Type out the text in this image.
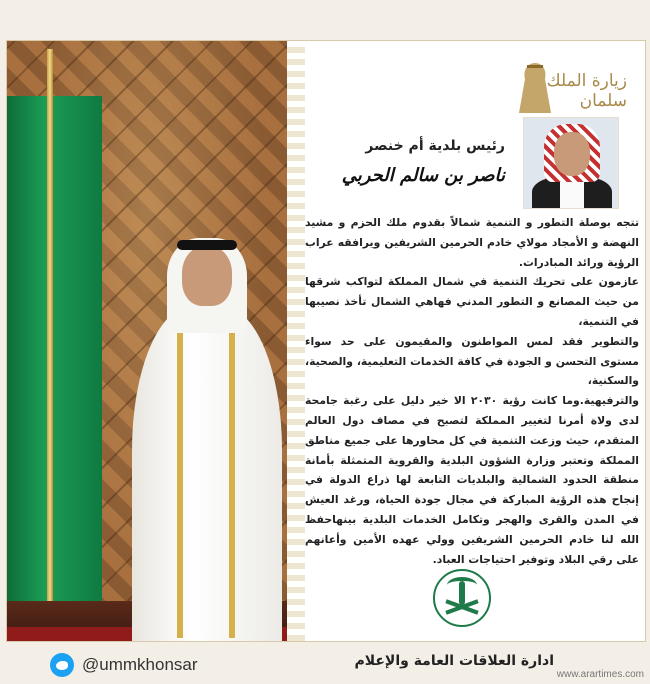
زيارة الملك سلمان
رئيس بلدية أم خنصر
ناصر بن سالم الحربي

تتجه بوصلة التطور و التنمية شمالاً بقدوم ملك الحزم و مشيد النهضة و الأمجاد مولاي خادم الحرمين الشريفين ويرافقه عراب الرؤية ورائد المبادرات.

عازمون على تحريك التنمية في شمال المملكة لتواكب شرقها من حيث المصانع و التطور المدني فهاهي الشمال تأخذ نصيبها في التنمية،

والتطوير فقد لمس المواطنون والمقيمون على حد سواء مستوى التحسن و الجودة في كافة الخدمات التعليمية، والصحية، والسكنية،

والترفيهية.وما كانت رؤية ٢٠٣٠ الا خير دليل على رغبة جامحة لدى ولاة أمرنا لتغيير المملكة لتصبح في مصاف دول العالم المتقدم، حيث وزعت التنمية في كل محاورها على جميع مناطق المملكة وتعتبر وزارة الشؤون البلدية والقروية المتمثلة بأمانة منطقة الحدود الشمالية والبلديات التابعة لها ذراع الدولة في إنجاح هذه الرؤية المباركة في مجال جودة الحياة، ورغد العيش في المدن والقرى والهجر وتكامل الخدمات البلدية بينهاحفظ الله لنا خادم الحرمين الشريفين وولي عهده الأمين وأعانهم على رقي البلاد وتوفير احتياجات العباد.

@ummkhonsar	ادارة العلاقات العامة والإعلام
www.arartimes.com
